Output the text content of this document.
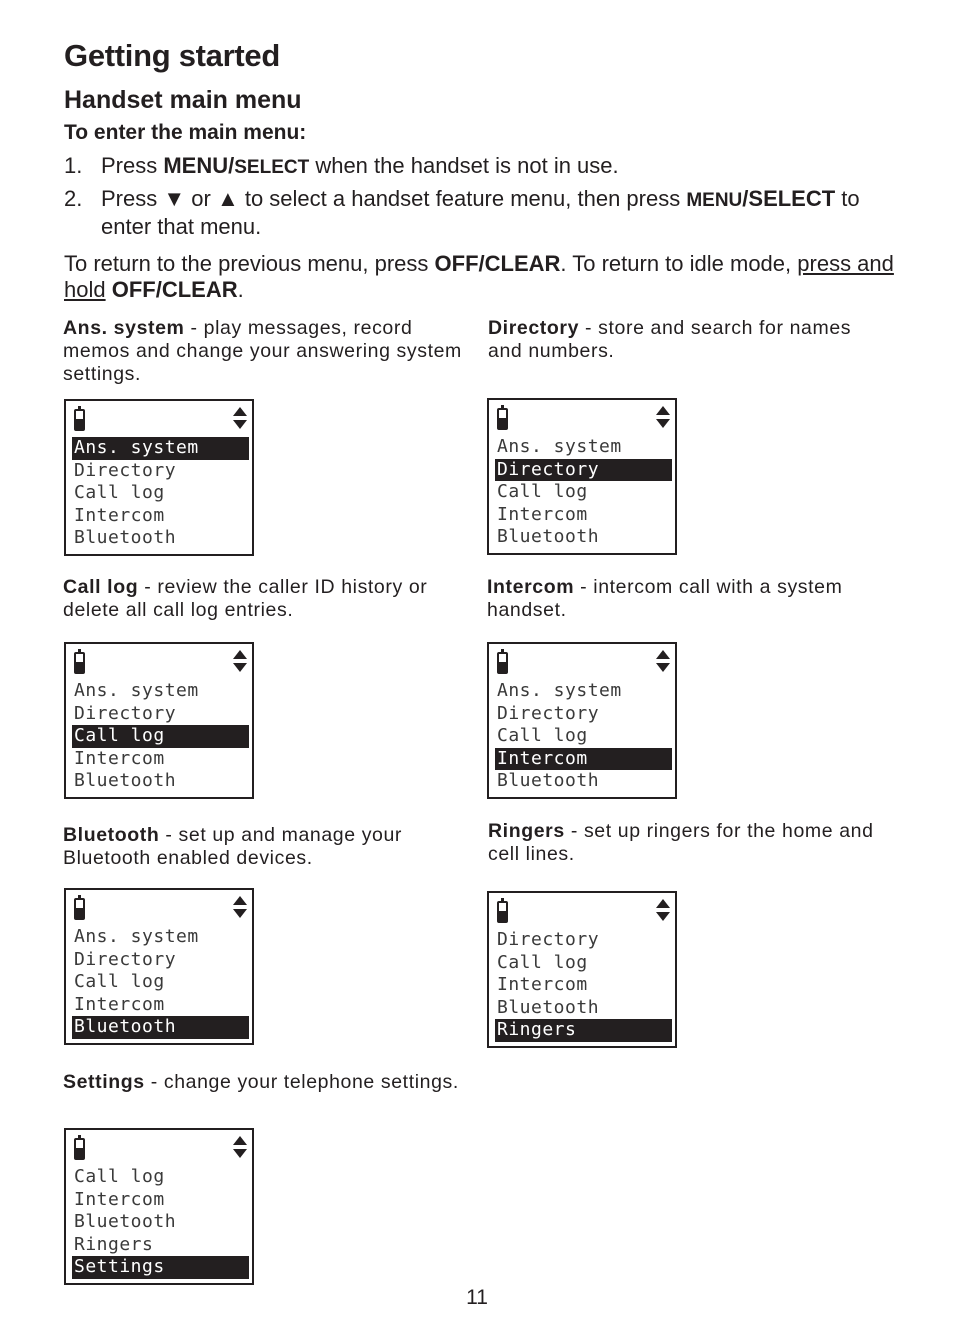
Getting started
Handset main menu
To enter the main menu:
1. Press MENU/SELECT when the handset is not in use.
2. Press ▼ or ▲ to select a handset feature menu, then press MENU/SELECT to enter that menu.
To return to the previous menu, press OFF/CLEAR. To return to idle mode, press and hold OFF/CLEAR.
Ans. system - play messages, record memos and change your answering system settings.
Ans. system
Directory
Call log
Intercom
Bluetooth
Directory - store and search for names and numbers.
Ans. system
Directory
Call log
Intercom
Bluetooth
Call log - review the caller ID history or delete all call log entries.
Ans. system
Directory
Call log
Intercom
Bluetooth
Intercom - intercom call with a system handset.
Ans. system
Directory
Call log
Intercom
Bluetooth
Bluetooth - set up and manage your Bluetooth enabled devices.
Ans. system
Directory
Call log
Intercom
Bluetooth
Ringers - set up ringers for the home and cell lines.
Directory
Call log
Intercom
Bluetooth
Ringers
Settings - change your telephone settings.
Call log
Intercom
Bluetooth
Ringers
Settings
11
